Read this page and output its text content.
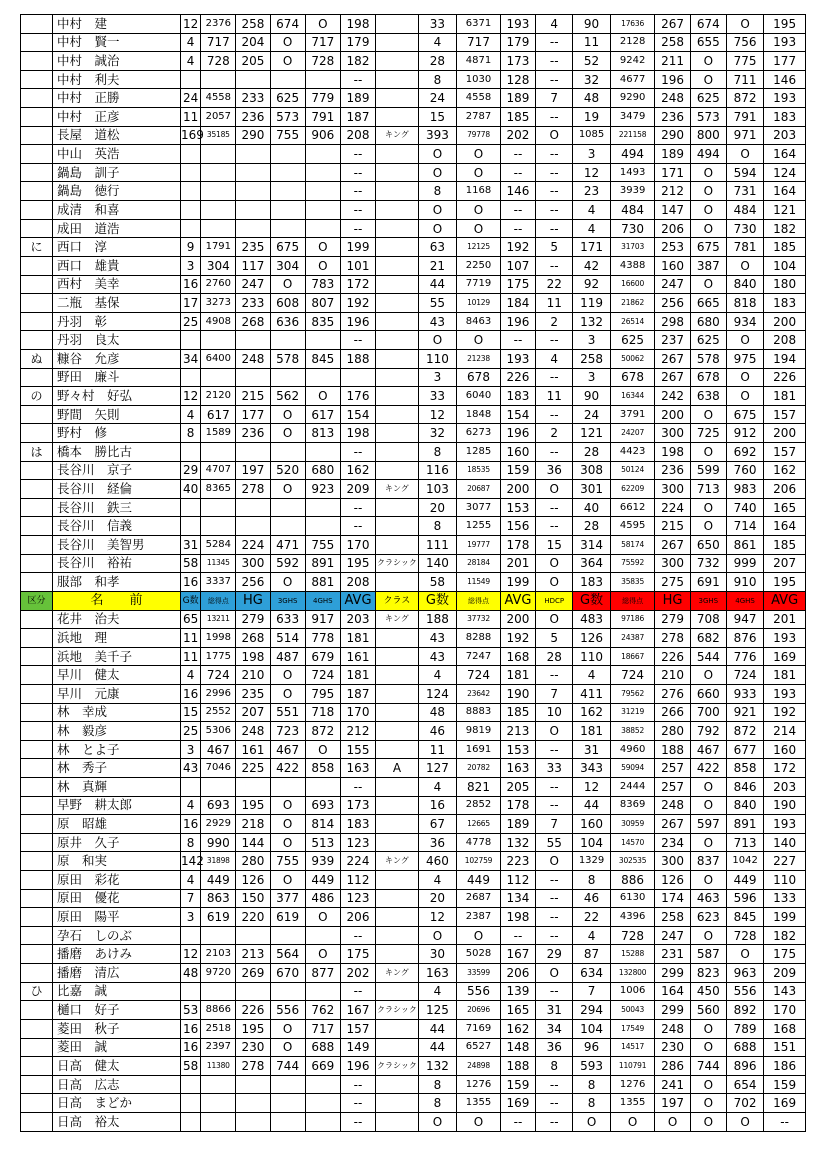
	中村　建	12	2376	258	674	O	198		33	6371	193	4	90	17636	267	674	O	195
	中村　賢一	4	717	204	O	717	179		4	717	179	--	11	2128	258	655	756	193
	中村　誠治	4	728	205	O	728	182		28	4871	173	--	52	9242	211	O	775	177
	中村　利夫						--		8	1030	128	--	32	4677	196	O	711	146
	中村　正勝	24	4558	233	625	779	189		24	4558	189	7	48	9290	248	625	872	193
	中村　正彦	11	2057	236	573	791	187		15	2787	185	--	19	3479	236	573	791	183
	長屋　道松	169	35185	290	755	906	208	キング	393	79778	202	O	1085	221158	290	800	971	203
	中山　英浩						--		O	O	--	--	3	494	189	494	O	164
	鍋島　訓子						--		O	O	--	--	12	1493	171	O	594	124
	鍋島　徳行						--		8	1168	146	--	23	3939	212	O	731	164
	成清　和喜						--		O	O	--	--	4	484	147	O	484	121
	成田　道浩						--		O	O	--	--	4	730	206	O	730	182
に	西口　淳	9	1791	235	675	O	199		63	12125	192	5	171	31703	253	675	781	185
	西口　雄貴	3	304	117	304	O	101		21	2250	107	--	42	4388	160	387	O	104
	西村　美幸	16	2760	247	O	783	172		44	7719	175	22	92	16600	247	O	840	180
	二瓶　基保	17	3273	233	608	807	192		55	10129	184	11	119	21862	256	665	818	183
	丹羽　彰	25	4908	268	636	835	196		43	8463	196	2	132	26514	298	680	934	200
	丹羽　良太						--		O	O	--	--	3	625	237	625	O	208
ぬ	糠谷　允彦	34	6400	248	578	845	188		110	21238	193	4	258	50062	267	578	975	194
	野田　廉斗								3	678	226	--	3	678	267	678	O	226
の	野々村　好弘	12	2120	215	562	O	176		33	6040	183	11	90	16344	242	638	O	181
	野間　矢則	4	617	177	O	617	154		12	1848	154	--	24	3791	200	O	675	157
	野村　修	8	1589	236	O	813	198		32	6273	196	2	121	24207	300	725	912	200
は	橋本　勝比古						--		8	1285	160	--	28	4423	198	O	692	157
	長谷川　京子	29	4707	197	520	680	162		116	18535	159	36	308	50124	236	599	760	162
	長谷川　経倫	40	8365	278	O	923	209	キング	103	20687	200	O	301	62209	300	713	983	206
	長谷川　鉄三						--		20	3077	153	--	40	6612	224	O	740	165
	長谷川　信義						--		8	1255	156	--	28	4595	215	O	714	164
	長谷川　美智男	31	5284	224	471	755	170		111	19777	178	15	314	58174	267	650	861	185
	長谷川　裕祐	58	11345	300	592	891	195	クラシック	140	28184	201	O	364	75592	300	732	999	207
	服部　和孝	16	3337	256	O	881	208		58	11549	199	O	183	35835	275	691	910	195
区分	名　　前	G数	総得点	HG	3GHS	4GHS	AVG	クラス	G数	総得点	AVG	HDCP	G数	総得点	HG	3GHS	4GHS	AVG
	花井　治夫	65	13211	279	633	917	203	キング	188	37732	200	O	483	97186	279	708	947	201
	浜地　理	11	1998	268	514	778	181		43	8288	192	5	126	24387	278	682	876	193
	浜地　美千子	11	1775	198	487	679	161		43	7247	168	28	110	18667	226	544	776	169
	早川　健太	4	724	210	O	724	181		4	724	181	--	4	724	210	O	724	181
	早川　元康	16	2996	235	O	795	187		124	23642	190	7	411	79562	276	660	933	193
	林　幸成	15	2552	207	551	718	170		48	8883	185	10	162	31219	266	700	921	192
	林　毅彦	25	5306	248	723	872	212		46	9819	213	O	181	38852	280	792	872	214
	林　とよ子	3	467	161	467	O	155		11	1691	153	--	31	4960	188	467	677	160
	林　秀子	43	7046	225	422	858	163	A	127	20782	163	33	343	59094	257	422	858	172
	林　真輝						--		4	821	205	--	12	2444	257	O	846	203
	早野　耕太郎	4	693	195	O	693	173		16	2852	178	--	44	8369	248	O	840	190
	原　昭雄	16	2929	218	O	814	183		67	12665	189	7	160	30959	267	597	891	193
	原井　久子	8	990	144	O	513	123		36	4778	132	55	104	14570	234	O	713	140
	原　和実	142	31898	280	755	939	224	キング	460	102759	223	O	1329	302535	300	837	1042	227
	原田　彩花	4	449	126	O	449	112		4	449	112	--	8	886	126	O	449	110
	原田　優花	7	863	150	377	486	123		20	2687	134	--	46	6130	174	463	596	133
	原田　陽平	3	619	220	619	O	206		12	2387	198	--	22	4396	258	623	845	199
	孕石　しのぶ						--		O	O	--	--	4	728	247	O	728	182
	播磨　あけみ	12	2103	213	564	O	175		30	5028	167	29	87	15288	231	587	O	175
	播磨　清広	48	9720	269	670	877	202	キング	163	33599	206	O	634	132800	299	823	963	209
ひ	比嘉　誠						--		4	556	139	--	7	1006	164	450	556	143
	樋口　好子	53	8866	226	556	762	167	クラシック	125	20696	165	31	294	50043	299	560	892	170
	菱田　秋子	16	2518	195	O	717	157		44	7169	162	34	104	17549	248	O	789	168
	菱田　誠	16	2397	230	O	688	149		44	6527	148	36	96	14517	230	O	688	151
	日高　健太	58	11380	278	744	669	196	クラシック	132	24898	188	8	593	110791	286	744	896	186
	日高　広志						--		8	1276	159	--	8	1276	241	O	654	159
	日高　まどか						--		8	1355	169	--	8	1355	197	O	702	169
	日高　裕太						--		O	O	--	--	O	O	O	O	O	--
